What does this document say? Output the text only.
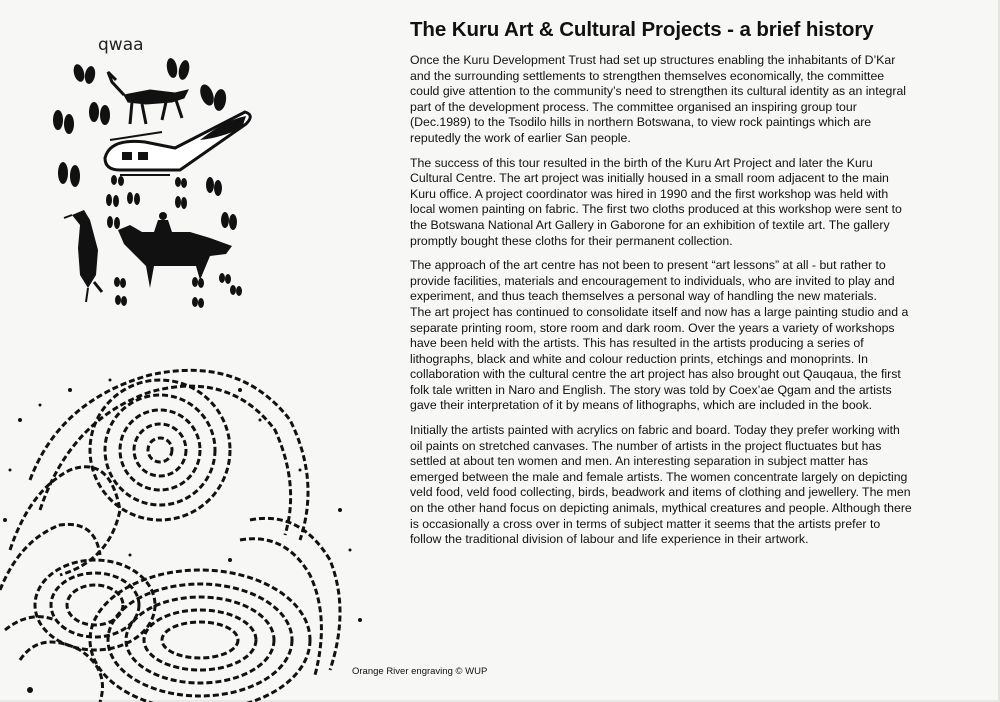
qwaa
The Kuru Art & Cultural Projects - a brief history

Once the Kuru Development Trust had set up structures enabling the inhabitants of D’Kar and the surrounding settlements to strengthen themselves economically, the committee could give attention to the community’s need to strengthen its cultural identity as an integral part of the development process. The committee organised an inspiring group tour (Dec.1989) to the Tsodilo hills in northern Botswana, to view rock paintings which are reputedly the work of earlier San people.

The success of this tour resulted in the birth of the Kuru Art Project and later the Kuru Cultural Centre. The art project was initially housed in a small room adjacent to the main Kuru office. A project coordinator was hired in 1990 and the first workshop was held with local women painting on fabric. The first two cloths produced at this workshop were sent to the Botswana National Art Gallery in Gaborone for an exhibition of textile art. The gallery promptly bought these cloths for their permanent collection.

The approach of the art centre has not been to present “art lessons” at all - but rather to provide facilities, materials and encouragement to individuals, who are invited to play and experiment, and thus teach themselves a personal way of handling the new materials.

The art project has continued to consolidate itself and now has a large painting studio and a separate printing room, store room and dark room. Over the years a variety of workshops have been held with the artists. This has resulted in the artists producing a series of lithographs, black and white and colour reduction prints, etchings and monoprints. In collaboration with the cultural centre the art project has also brought out Qauqaua, the first folk tale written in Naro and English. The story was told by Coex’ae Qgam and the artists gave their interpretation of it by means of lithographs, which are included in the book.

Initially the artists painted with acrylics on fabric and board. Today they prefer working with oil paints on stretched canvases. The number of artists in the project fluctuates but has settled at about ten women and men. An interesting separation in subject matter has emerged between the male and female artists. The women concentrate largely on depicting veld food, veld food collecting, birds, beadwork and items of clothing and jewellery. The men on the other hand focus on depicting animals, mythical creatures and people. Although there is occasionally a cross over in terms of subject matter it seems that the artists prefer to follow the traditional division of labour and life experience in their artwork.

Orange River engraving © WUP
